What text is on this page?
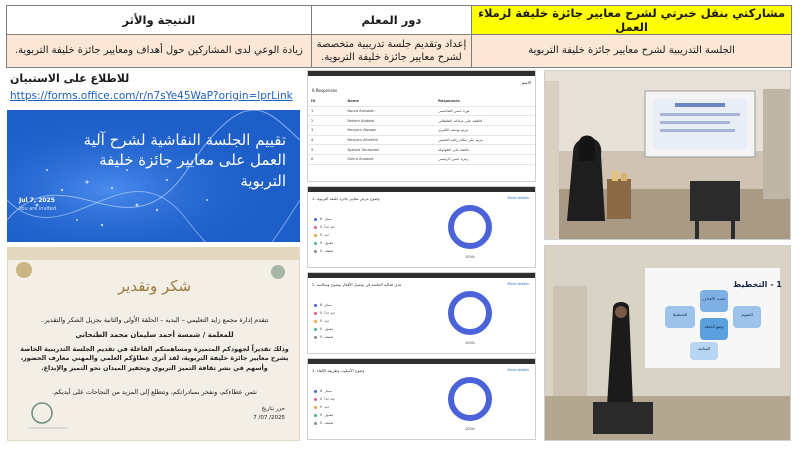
مشاركتي بنقل خبرتي لشرح معايير جائزة خليفة لزملاء العمل	دور المعلم	النتيجة والأثر
الجلسة التدريبية لشرح معايير جائزة خليفة التربوية	إعداد وتقديم جلسة تدريبية متخصصة لشرح معايير جائزة خليفة التربوية.	زيادة الوعي لدى المشاركين حول أهداف ومعايير جائزة خليفة التربوية.
للاطلاع على الاستبيان
https://forms.office.com/r/n7sYe45WaP?origin=lprLink
تقييم الجلسة النقاشية لشرح آلية العمل على معايير جائزة خليفة التربوية
Jul 7, 2025
You are invited
شكر وتقدير
تتقدم إدارة مجمع زايد التعليمي – البديه – الحلقة الأولى والثانية بجزيل الشكر والتقدير..
للمعلمة / شمسة أحمد سليمان محمد الطنحاني
وذلك تقديراً لجهودكم المتميزة ومساهمتكم الفاعلة في تقديم الجلسة التدريبية الخاصة بشرح معايير جائزة خليفة التربوية، لقد أثرى عطاؤكم العلمي والمهني معارف الحضور، وأسهم في نشر ثقافة التميز التربوي وتحفيز الميدان نحو التميز والإبداع.
نثمن عطاءكم، ونفخر بمبادراتكم، ونتطلع إلى المزيد من النجاحات على أيديكم.
حرر بتاريخ
7 /07 /2025
الاسم
6 Responses
ID	Name	Responses
1	Noura Alshaiah	نورة حسن الشامسي
2	Reham Alabdal	فاطمة علي عبدالله الطنطاني
3	Maryam Alsaqer	مريم يوسف الكثيري
4	Maryam Alhefeiti	مريم علي سالم راشد الحفيتي
5	Ayesha Tanawneh	عائشة علي الطواوفه
6	Zahra Anawed	زهرة حسن الرئيسي
1. وضوح عرض معايير جائزة خليفة التربوية	More details
ممتاز  6
جيد جداً  0
جيد  0
مقبول  0
ضعيف  0
100%
2. مدى فعالية الجلسة في توصيل الأفكار بوضوح وسلاسة	More details
ممتاز  6
جيد جداً  0
جيد  0
مقبول  0
ضعيف  0
100%
3. وضوح الأسلوب وطريقة الإلقاء	More details
ممتاز  6
جيد جداً  0
جيد  0
مقبول  0
ضعيف  0
100%
1 - التخطيط
التخطيط
تحديد الأهداف
وضع الخطة
التقويم
المتابعة
